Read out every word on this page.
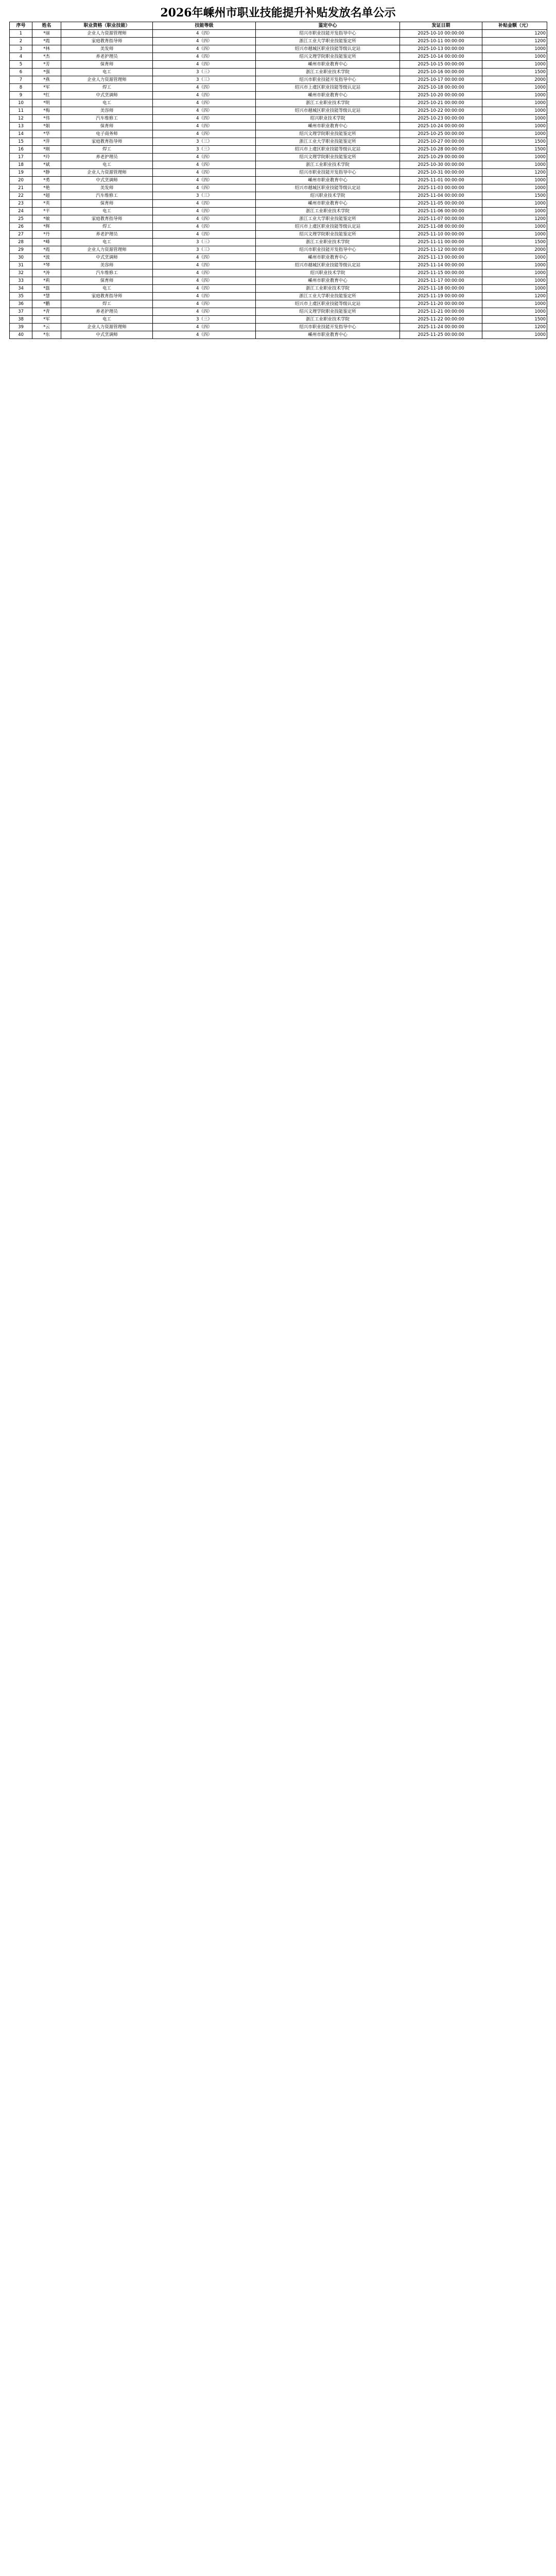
2026年嵊州市职业技能提升补贴发放名单公示
序号	姓名	职业资格（职业技能）	技能等级	鉴定中心	发证日期	补贴金额（元）
1	*丽	企业人力资源管理师	4（四）	绍兴市职业技能开发指导中心	2025-10-10 00:00:00	1200
2	*霞	家庭教育指导师	4（四）	浙江工业大学职业技能鉴定所	2025-10-11 00:00:00	1200
3	*林	美发师	4（四）	绍兴市越城区职业技能等级认定站	2025-10-13 00:00:00	1000
4	*杰	养老护理员	4（四）	绍兴文理学院职业技能鉴定所	2025-10-14 00:00:00	1000
5	*芳	保育师	4（四）	嵊州市职业教育中心	2025-10-15 00:00:00	1000
6	*强	电工	3（三）	浙江工业职业技术学院	2025-10-16 00:00:00	1500
7	*燕	企业人力资源管理师	3（三）	绍兴市职业技能开发指导中心	2025-10-17 00:00:00	2000
8	*军	焊工	4（四）	绍兴市上虞区职业技能等级认定站	2025-10-18 00:00:00	1000
9	*红	中式烹调师	4（四）	嵊州市职业教育中心	2025-10-20 00:00:00	1000
10	*明	电工	4（四）	浙江工业职业技术学院	2025-10-21 00:00:00	1000
11	*梅	美容师	4（四）	绍兴市越城区职业技能等级认定站	2025-10-22 00:00:00	1000
12	*伟	汽车维修工	4（四）	绍兴职业技术学院	2025-10-23 00:00:00	1000
13	*娟	保育师	4（四）	嵊州市职业教育中心	2025-10-24 00:00:00	1000
14	*华	电子商务师	4（四）	绍兴文理学院职业技能鉴定所	2025-10-25 00:00:00	1000
15	*萍	家庭教育指导师	3（三）	浙江工业大学职业技能鉴定所	2025-10-27 00:00:00	1500
16	*刚	焊工	3（三）	绍兴市上虞区职业技能等级认定站	2025-10-28 00:00:00	1500
17	*玲	养老护理员	4（四）	绍兴文理学院职业技能鉴定所	2025-10-29 00:00:00	1000
18	*斌	电工	4（四）	浙江工业职业技术学院	2025-10-30 00:00:00	1000
19	*静	企业人力资源管理师	4（四）	绍兴市职业技能开发指导中心	2025-10-31 00:00:00	1200
20	*勇	中式烹调师	4（四）	嵊州市职业教育中心	2025-11-01 00:00:00	1000
21	*艳	美发师	4（四）	绍兴市越城区职业技能等级认定站	2025-11-03 00:00:00	1000
22	*超	汽车维修工	3（三）	绍兴职业技术学院	2025-11-04 00:00:00	1500
23	*英	保育师	4（四）	嵊州市职业教育中心	2025-11-05 00:00:00	1000
24	*平	电工	4（四）	浙江工业职业技术学院	2025-11-06 00:00:00	1000
25	*敏	家庭教育指导师	4（四）	浙江工业大学职业技能鉴定所	2025-11-07 00:00:00	1200
26	*辉	焊工	4（四）	绍兴市上虞区职业技能等级认定站	2025-11-08 00:00:00	1000
27	*丹	养老护理员	4（四）	绍兴文理学院职业技能鉴定所	2025-11-10 00:00:00	1000
28	*峰	电工	3（三）	浙江工业职业技术学院	2025-11-11 00:00:00	1500
29	*霞	企业人力资源管理师	3（三）	绍兴市职业技能开发指导中心	2025-11-12 00:00:00	2000
30	*波	中式烹调师	4（四）	嵊州市职业教育中心	2025-11-13 00:00:00	1000
31	*琴	美容师	4（四）	绍兴市越城区职业技能等级认定站	2025-11-14 00:00:00	1000
32	*涛	汽车维修工	4（四）	绍兴职业技术学院	2025-11-15 00:00:00	1000
33	*莉	保育师	4（四）	嵊州市职业教育中心	2025-11-17 00:00:00	1000
34	*磊	电工	4（四）	浙江工业职业技术学院	2025-11-18 00:00:00	1000
35	*慧	家庭教育指导师	4（四）	浙江工业大学职业技能鉴定所	2025-11-19 00:00:00	1200
36	*鹏	焊工	4（四）	绍兴市上虞区职业技能等级认定站	2025-11-20 00:00:00	1000
37	*青	养老护理员	4（四）	绍兴文理学院职业技能鉴定所	2025-11-21 00:00:00	1000
38	*军	电工	3（三）	浙江工业职业技术学院	2025-11-22 00:00:00	1500
39	*云	企业人力资源管理师	4（四）	绍兴市职业技能开发指导中心	2025-11-24 00:00:00	1200
40	*东	中式烹调师	4（四）	嵊州市职业教育中心	2025-11-25 00:00:00	1000
